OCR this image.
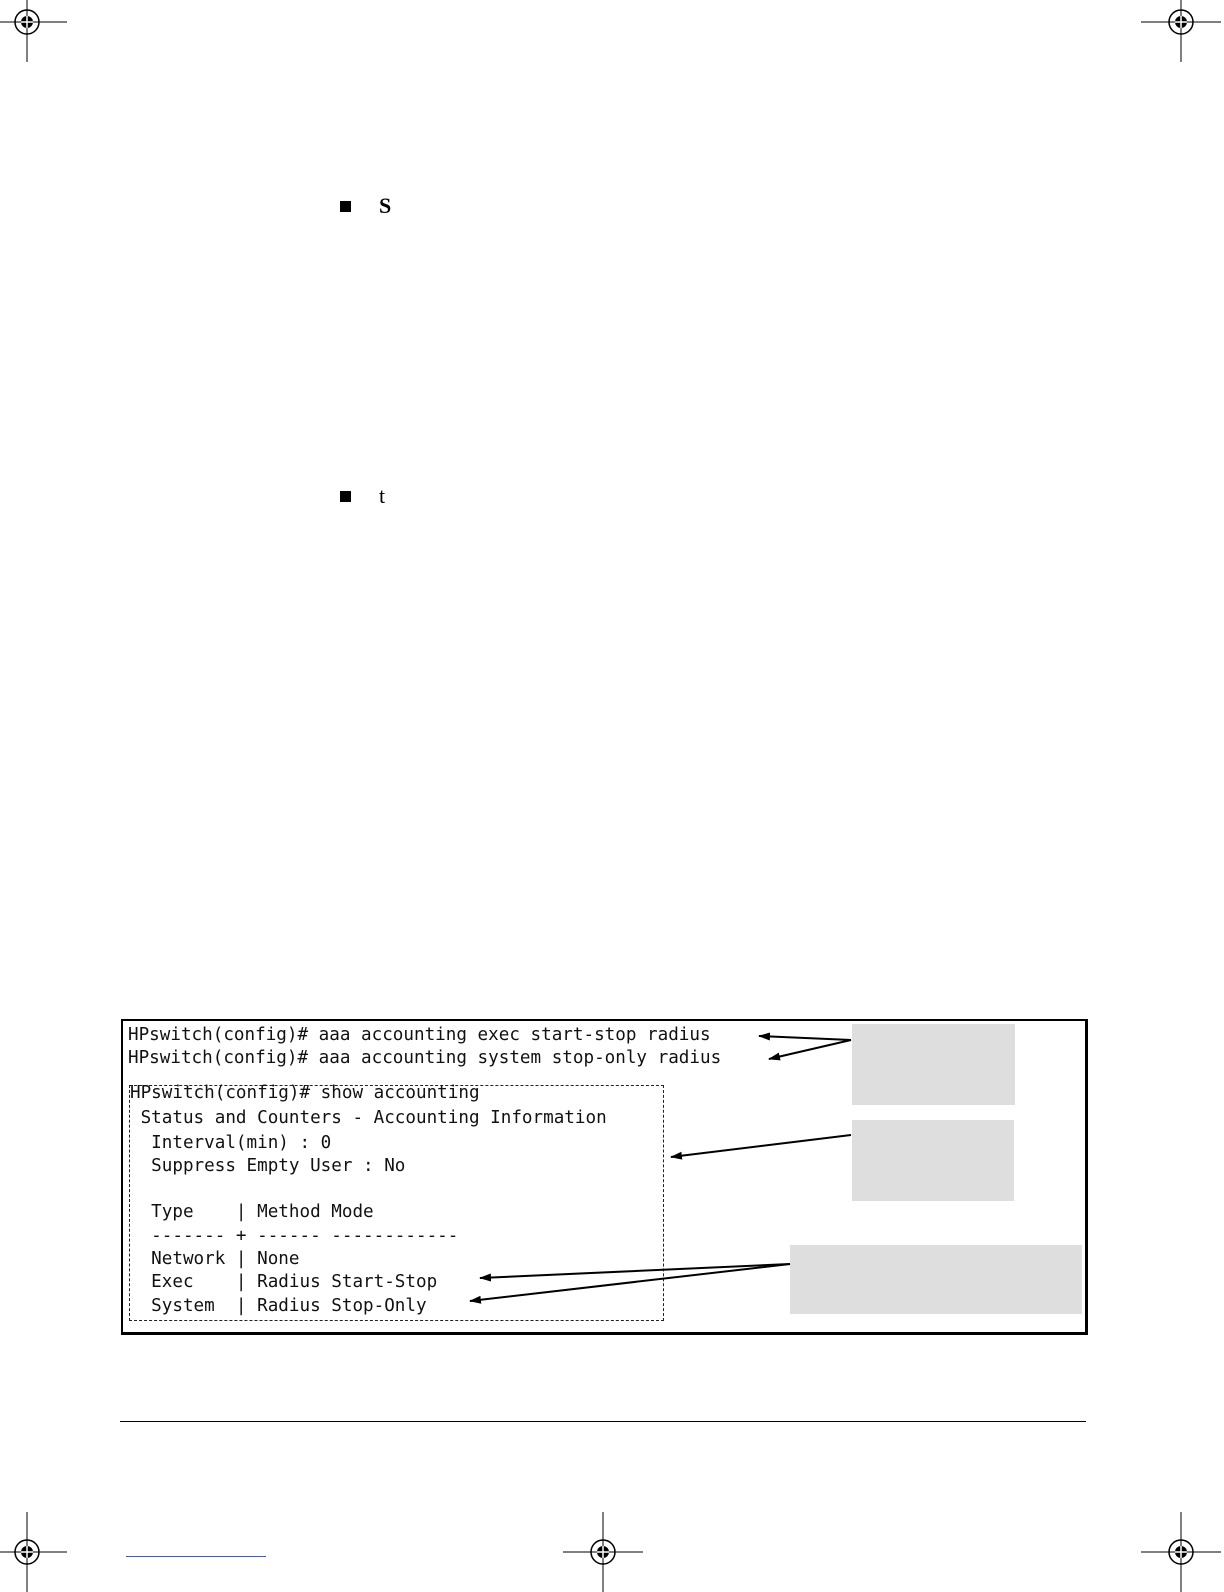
S
t
HPswitch(config)# aaa accounting exec start-stop radius
HPswitch(config)# aaa accounting system stop-only radius
HPswitch(config)# show accounting
Status and Counters - Accounting Information
Interval(min) : 0
Suppress Empty User : No
Type    | Method Mode
------- + ------ ------------
Network | None
Exec    | Radius Start-Stop
System  | Radius Stop-Only
